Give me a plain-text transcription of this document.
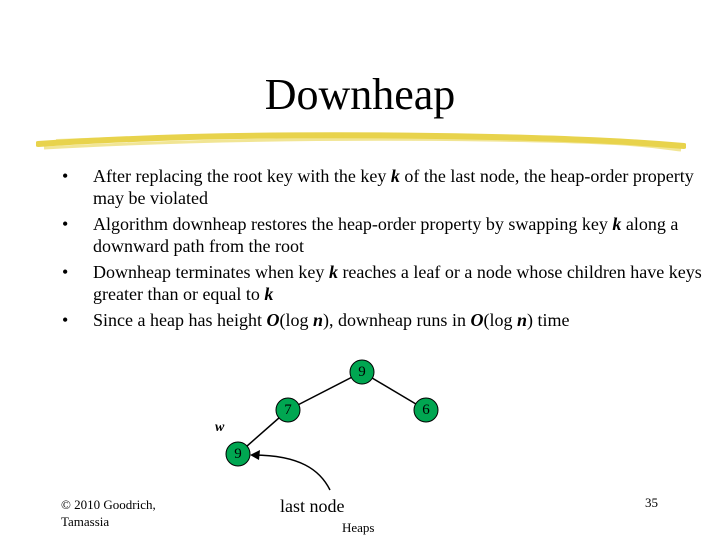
Downheap
• After replacing the root key with the key k of the last node, the heap-order property may be violated
• Algorithm downheap restores the heap-order property by swapping key k along a downward path from the root
• Downheap terminates when key k reaches a leaf or a node whose children have keys greater than or equal to k
• Since a heap has height O(log n), downheap runs in O(log n) time
9
7	6
9
w
last node
© 2010 Goodrich,
Tamassia	Heaps
35
